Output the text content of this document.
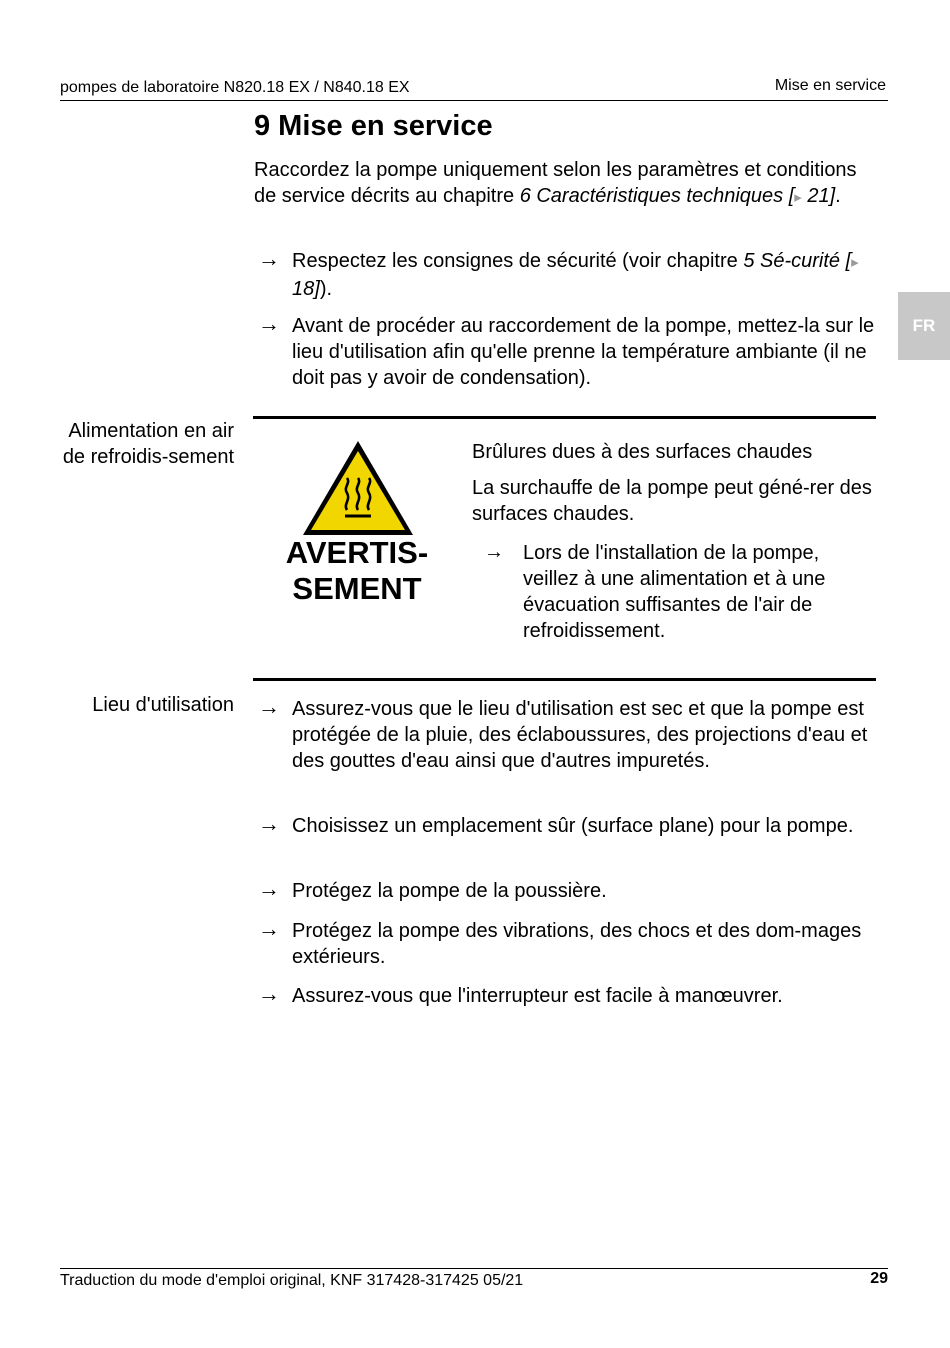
pompes de laboratoire N820.18 EX / N840.18 EX	Mise en service
FR
9 Mise en service
Raccordez la pompe uniquement selon les paramètres et conditions de service décrits au chapitre 6 Caractéristiques techniques [▸ 21].
→ Respectez les consignes de sécurité (voir chapitre 5 Sé-curité [▸ 18]).
→ Avant de procéder au raccordement de la pompe, mettez-la sur le lieu d'utilisation afin qu'elle prenne la température ambiante (il ne doit pas y avoir de condensation).
Alimentation en air de refroidis-sement
AVERTIS-SEMENT
Brûlures dues à des surfaces chaudes
La surchauffe de la pompe peut géné-rer des surfaces chaudes.
→ Lors de l'installation de la pompe, veillez à une alimentation et à une évacuation suffisantes de l'air de refroidissement.
Lieu d'utilisation → Assurez-vous que le lieu d'utilisation est sec et que la pompe est protégée de la pluie, des éclaboussures, des projections d'eau et des gouttes d'eau ainsi que d'autres impuretés.
→ Choisissez un emplacement sûr (surface plane) pour la pompe.
→ Protégez la pompe de la poussière.
→ Protégez la pompe des vibrations, des chocs et des dom-mages extérieurs.
→ Assurez-vous que l'interrupteur est facile à manœuvrer.
Traduction du mode d'emploi original, KNF 317428-317425 05/21	29
